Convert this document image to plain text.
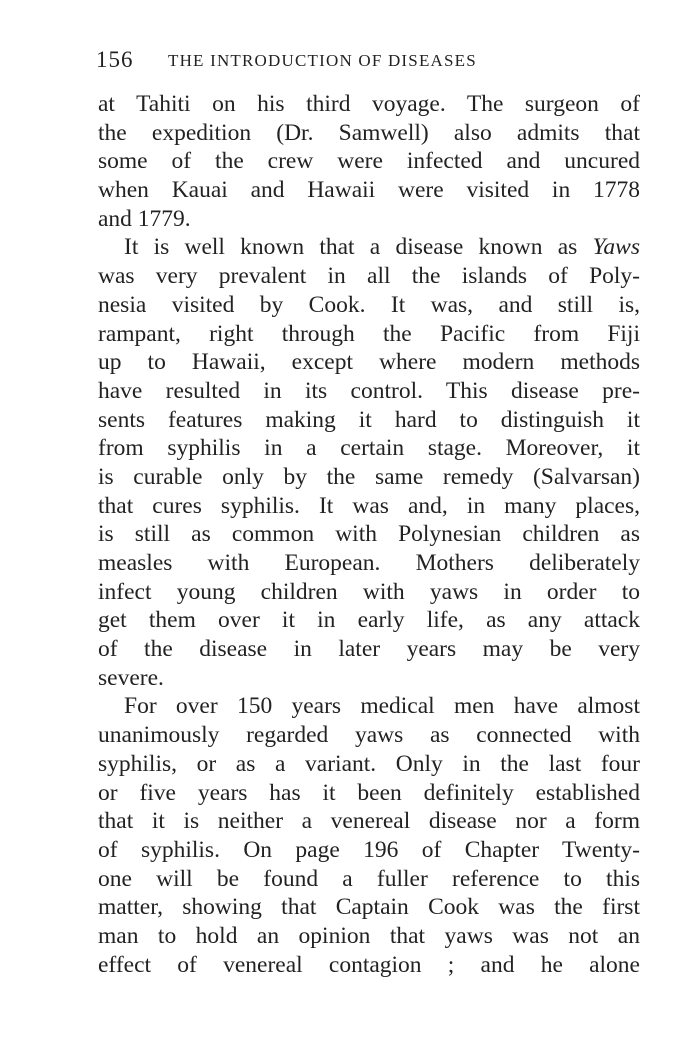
156 THE INTRODUCTION OF DISEASES
at Tahiti on his third voyage. The surgeon of
the expedition (Dr. Samwell) also admits that
some of the crew were infected and uncured
when Kauai and Hawaii were visited in 1778
and 1779.
It is well known that a disease known as Yaws
was very prevalent in all the islands of Poly-
nesia visited by Cook. It was, and still is,
rampant, right through the Pacific from Fiji
up to Hawaii, except where modern methods
have resulted in its control. This disease pre-
sents features making it hard to distinguish it
from syphilis in a certain stage. Moreover, it
is curable only by the same remedy (Salvarsan)
that cures syphilis. It was and, in many places,
is still as common with Polynesian children as
measles with European. Mothers deliberately
infect young children with yaws in order to
get them over it in early life, as any attack
of the disease in later years may be very
severe.
For over 150 years medical men have almost
unanimously regarded yaws as connected with
syphilis, or as a variant. Only in the last four
or five years has it been definitely established
that it is neither a venereal disease nor a form
of syphilis. On page 196 of Chapter Twenty-
one will be found a fuller reference to this
matter, showing that Captain Cook was the first
man to hold an opinion that yaws was not an
effect of venereal contagion ; and he alone
